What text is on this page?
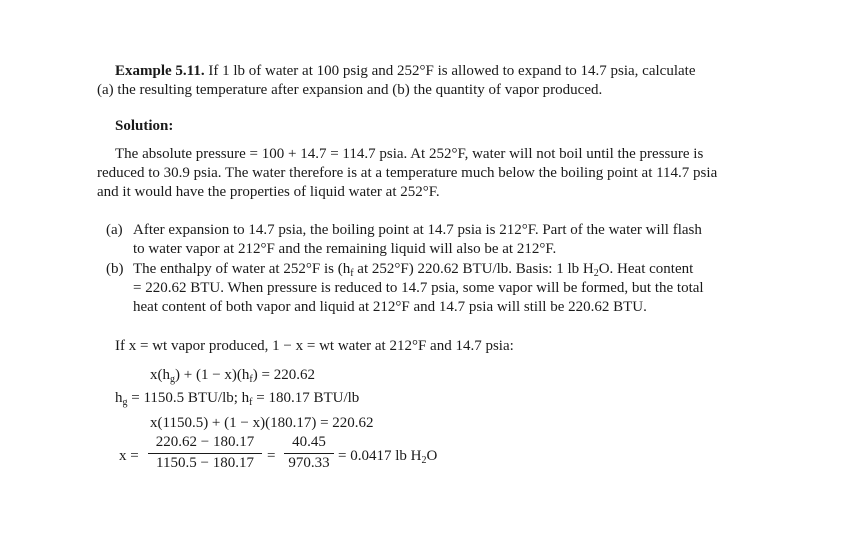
Example 5.11. If 1 lb of water at 100 psig and 252°F is allowed to expand to 14.7 psia, calculate
(a) the resulting temperature after expansion and (b) the quantity of vapor produced.
Solution:
The absolute pressure = 100 + 14.7 = 114.7 psia. At 252°F, water will not boil until the pressure is
reduced to 30.9 psia. The water therefore is at a temperature much below the boiling point at 114.7 psia
and it would have the properties of liquid water at 252°F.
(a) After expansion to 14.7 psia, the boiling point at 14.7 psia is 212°F. Part of the water will flash
to water vapor at 212°F and the remaining liquid will also be at 212°F.
(b) The enthalpy of water at 252°F is ($h_f$ at 252°F) 220.62 BTU/lb. Basis: 1 lb $H_2O$. Heat content
= 220.62 BTU. When pressure is reduced to 14.7 psia, some vapor will be formed, but the total
heat content of both vapor and liquid at 212°F and 14.7 psia will still be 220.62 BTU.
If x = wt vapor produced, 1 − x = wt water at 212°F and 14.7 psia:
$x(h_g) + (1 - x)(h_f) = 220.62$
$h_g = 1150.5$ BTU/lb; $h_f = 180.17$ BTU/lb
x(1150.5) + (1 − x)(180.17) = 220.62
x =
220.62 − 180.17
1150.5 − 180.17 =
40.45
970.33 = 0.0417 lb $H_2O$
